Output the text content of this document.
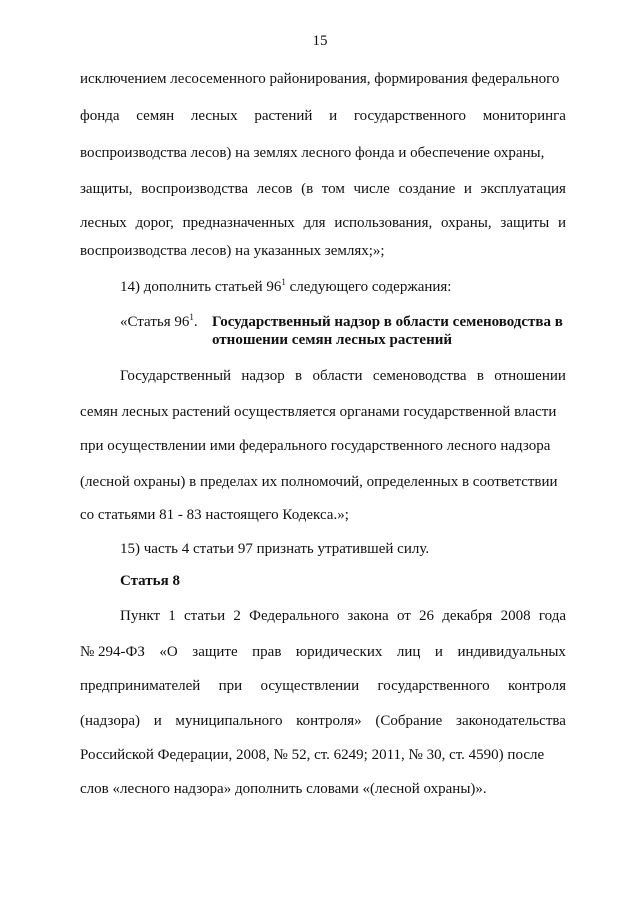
15
исключением лесосеменного районирования, формирования федерального
фонда семян лесных растений и государственного мониторинга
воспроизводства лесов) на землях лесного фонда и обеспечение охраны,
защиты, воспроизводства лесов (в том числе создание и эксплуатация
лесных дорог, предназначенных для использования, охраны, защиты и
воспроизводства лесов) на указанных землях;»;
14) дополнить статьей $96^1$ следующего содержания:
«Статья $96^1$. Государственный надзор в области семеноводства в
отношении семян лесных растений
Государственный надзор в области семеноводства в отношении
семян лесных растений осуществляется органами государственной власти
при осуществлении ими федерального государственного лесного надзора
(лесной охраны) в пределах их полномочий, определенных в соответствии
со статьями 81 - 83 настоящего Кодекса.»;
15) часть 4 статьи 97 признать утратившей силу.
Статья 8
Пункт 1 статьи 2 Федерального закона от 26 декабря 2008 года
№ 294-ФЗ «О защите прав юридических лиц и индивидуальных
предпринимателей при осуществлении государственного контроля
(надзора) и муниципального контроля» (Собрание законодательства
Российской Федерации, 2008, № 52, ст. 6249; 2011, № 30, ст. 4590) после
слов «лесного надзора» дополнить словами «(лесной охраны)».
